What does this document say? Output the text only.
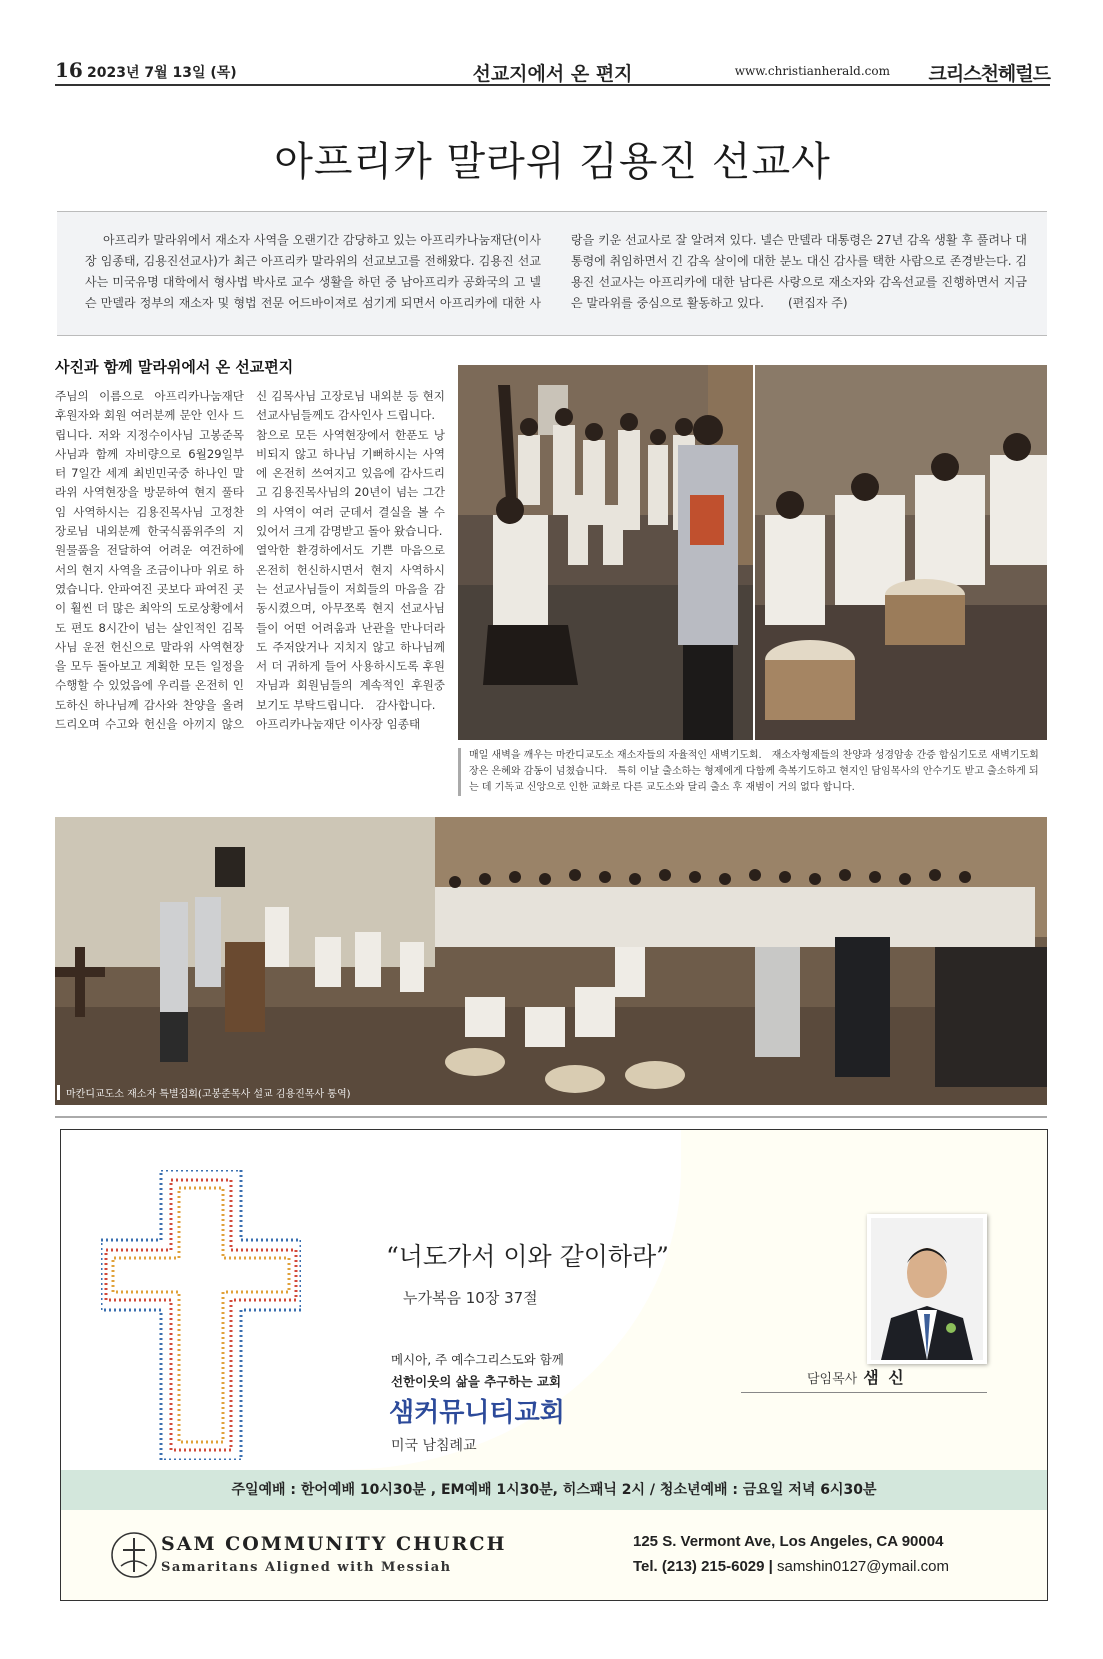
16 2023년 7월 13일 (목)	선교지에서 온 편지	www.christianherald.com 크리스천헤럴드
아프리카 말라위 김용진 선교사

아프리카 말라위에서 재소자 사역을 오랜기간 감당하고 있는 아프리카나눔재단(이사장 임종태, 김용진선교사)가 최근 아프리카 말라위의 선교보고를 전해왔다. 김용진 선교사는 미국유명 대학에서 형사법 박사로 교수 생활을 하던 중 남아프리카 공화국의 고 넬슨 만델라 정부의 재소자 및 형법 전문 어드바이져로 섬기게 되면서 아프리카에 대한 사랑을 키운 선교사로 잘 알려져 있다. 넬슨 만델라 대통령은 27년 감옥 생활 후 풀려나 대통령에 취임하면서 긴 감옥 살이에 대한 분노 대신 감사를 택한 사람으로 존경받는다. 김용진 선교사는 아프리카에 대한 남다른 사랑으로 재소자와 감옥선교를 진행하면서 지금은 말라위를 중심으로 활동하고 있다.　　(편집자 주)

사진과 함께 말라위에서 온 선교편지

주님의 이름으로 아프리카나눔재단 후원자와 회원 여러분께 문안 인사 드립니다. 저와 지정수이사님 고봉준목사님과 함께 자비량으로 6월29일부터 7일간 세계 최빈민국중 하나인 말라위 사역현장을 방문하여 현지 풀타임 사역하시는 김용진목사님 고정찬 장로님 내외분께 한국식품위주의 지원물품을 전달하여 어려운 여건하에서의 현지 사역을 조금이나마 위로 하였습니다. 안파여진 곳보다 파여진 곳이 훨씬 더 많은 최악의 도로상황에서도 편도 8시간이 넘는 살인적인 김목사님 운전 헌신으로 말라위 사역현장을 모두 돌아보고 계획한 모든 일정을 수행할 수 있었음에 우리를 온전히 인도하신 하나님께 감사와 찬양을 올려 드리오며 수고와 헌신을 아끼지 않으신 김목사님 고장로님 내외분 등 현지선교사님들께도 감사인사 드립니다.
참으로 모든 사역현장에서 한푼도 낭비되지 않고 하나님 기뻐하시는 사역에 온전히 쓰여지고 있음에 감사드리고 김용진목사님의 20년이 넘는 그간의 사역이 여러 군데서 결실을 볼 수 있어서 크게 감명받고 돌아 왔습니다.
열악한 환경하에서도 기쁜 마음으로 온전히 헌신하시면서 현지 사역하시는 선교사님들이 저희들의 마음을 감동시켰으며, 아무쪼록 현지 선교사님들이 어떤 어려움과 난관을 만나더라도 주저앉거나 지치지 않고 하나님께서 더 귀하게 들어 사용하시도록 후원자님과 회원님들의 계속적인 후원중보기도 부탁드립니다.　감사합니다.
아프리카나눔재단 이사장 임종태

매일 새벽을 깨우는 마칸디교도소 재소자들의 자율적인 새벽기도회.　재소자형제들의 찬양과 성경암송 간증 합심기도로 새벽기도회장은 은혜와 감동이 넘쳤습니다.　특히 이날 출소하는 형제에게 다함께 축복기도하고 현지인 담임목사의 안수기도 받고 출소하게 되는 데 기독교 신앙으로 인한 교화로 다른 교도소와 달리 출소 후 재범이 거의 없다 합니다.

마칸디교도소 재소자 특별집회(고봉준목사 설교 김용진목사 통역)

“너도가서 이와 같이하라”
누가복음 10장 37절
메시아, 주 예수그리스도와 함께
선한이웃의 삶을 추구하는 교회
샘커뮤니티교회
미국 남침례교
담임목사 샘 신
주일예배 : 한어예배 10시30분 , EM예배 1시30분, 히스패닉 2시 / 청소년예배 : 금요일 저녁 6시30분
SAM COMMUNITY CHURCH
Samaritans Aligned with Messiah
125 S. Vermont Ave, Los Angeles, CA 90004
Tel. (213) 215-6029 | samshin0127@ymail.com
